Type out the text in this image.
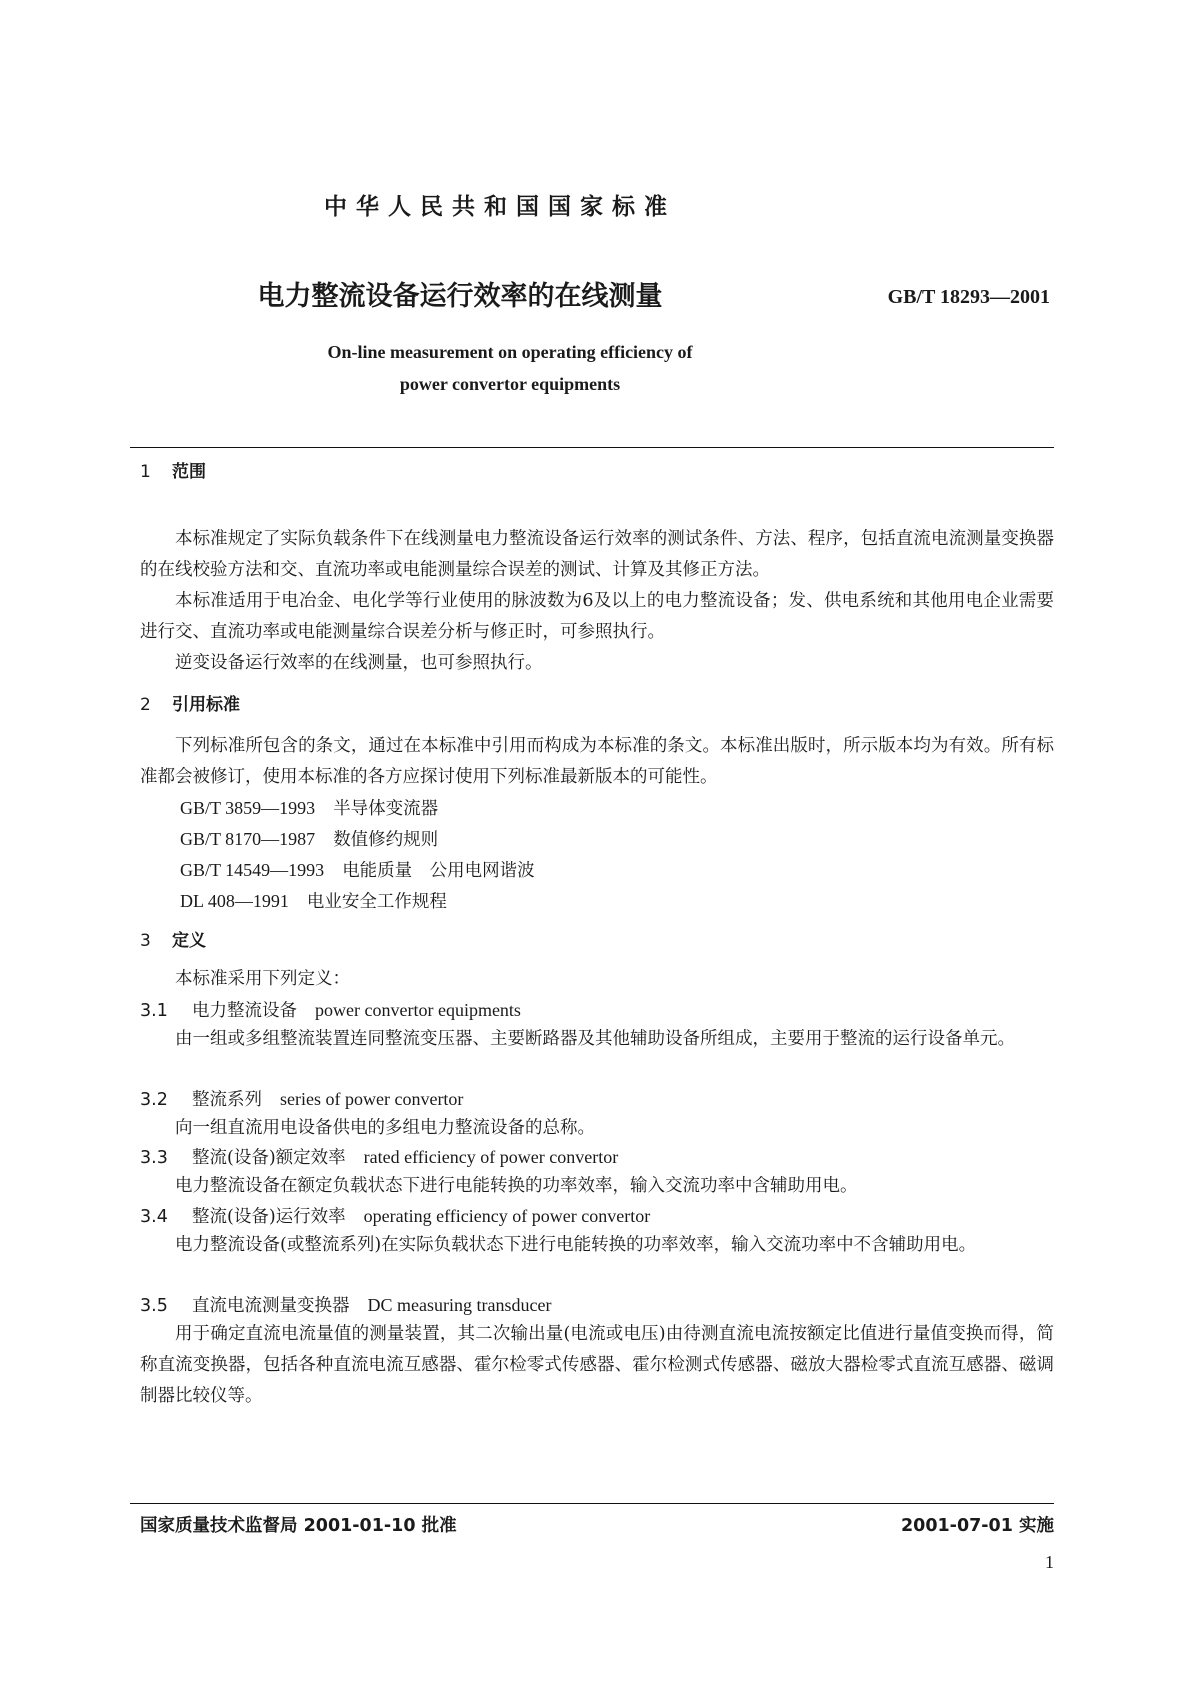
中华人民共和国国家标准
电力整流设备运行效率的在线测量	GB/T 18293—2001
On-line measurement on operating efficiency of
power convertor equipments
1 范围

本标准规定了实际负载条件下在线测量电力整流设备运行效率的测试条件、方法、程序，包括直流电流测量变换器的在线校验方法和交、直流功率或电能测量综合误差的测试、计算及其修正方法。

本标准适用于电冶金、电化学等行业使用的脉波数为6及以上的电力整流设备；发、供电系统和其他用电企业需要进行交、直流功率或电能测量综合误差分析与修正时，可参照执行。

逆变设备运行效率的在线测量，也可参照执行。

2 引用标准

下列标准所包含的条文，通过在本标准中引用而构成为本标准的条文。本标准出版时，所示版本均为有效。所有标准都会被修订，使用本标准的各方应探讨使用下列标准最新版本的可能性。

GB/T 3859—1993 半导体变流器
GB/T 8170—1987 数值修约规则
GB/T 14549—1993 电能质量　公用电网谐波
DL 408—1991 电业安全工作规程
3 定义

本标准采用下列定义：

3.1 电力整流设备 power convertor equipments

由一组或多组整流装置连同整流变压器、主要断路器及其他辅助设备所组成，主要用于整流的运行设备单元。

3.2 整流系列 series of power convertor

向一组直流用电设备供电的多组电力整流设备的总称。

3.3 整流(设备)额定效率 rated efficiency of power convertor

电力整流设备在额定负载状态下进行电能转换的功率效率，输入交流功率中含辅助用电。

3.4 整流(设备)运行效率 operating efficiency of power convertor

电力整流设备(或整流系列)在实际负载状态下进行电能转换的功率效率，输入交流功率中不含辅助用电。

3.5 直流电流测量变换器 DC measuring transducer

用于确定直流电流量值的测量装置，其二次输出量(电流或电压)由待测直流电流按额定比值进行量值变换而得，简称直流变换器，包括各种直流电流互感器、霍尔检零式传感器、霍尔检测式传感器、磁放大器检零式直流互感器、磁调制器比较仪等。

国家质量技术监督局 2001-01-10 批准	2001-07-01 实施
1
